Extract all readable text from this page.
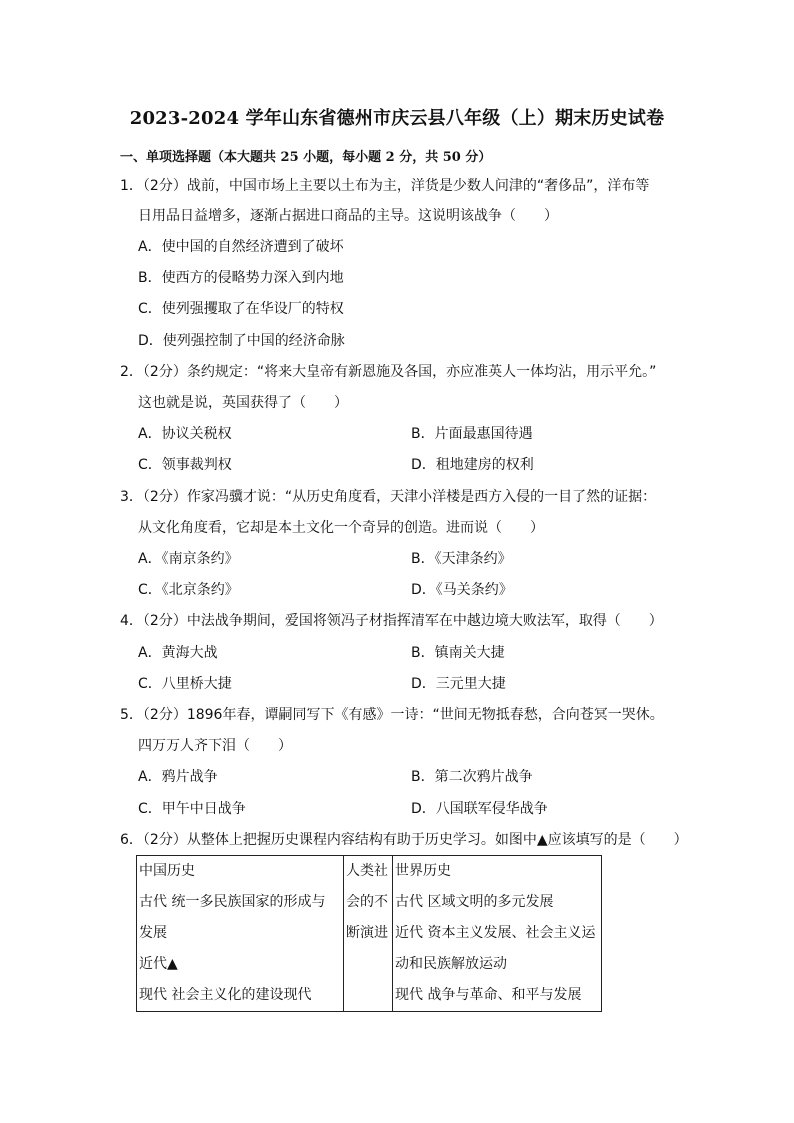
2023-2024 学年山东省德州市庆云县八年级（上）期末历史试卷
一、单项选择题（本大题共 25 小题，每小题 2 分，共 50 分）
1．（2分）战前，中国市场上主要以土布为主，洋货是少数人问津的“奢侈品”，洋布等
日用品日益增多，逐渐占据进口商品的主导。这说明该战争（　　）
A．使中国的自然经济遭到了破坏
B．使西方的侵略势力深入到内地
C．使列强攫取了在华设厂的特权
D．使列强控制了中国的经济命脉
2．（2分）条约规定：“将来大皇帝有新恩施及各国，亦应准英人一体均沾，用示平允。”
这也就是说，英国获得了（　　）
A．协议关税权	B．片面最惠国待遇
C．领事裁判权	D．租地建房的权利
3．（2分）作家冯骥才说：“从历史角度看，天津小洋楼是西方入侵的一目了然的证据：
从文化角度看，它却是本土文化一个奇异的创造。进而说（　　）
A．《南京条约》	B．《天津条约》
C．《北京条约》	D．《马关条约》
4．（2分）中法战争期间，爱国将领冯子材指挥清军在中越边境大败法军，取得（　　）
A．黄海大战	B．镇南关大捷
C．八里桥大捷	D．三元里大捷
5．（2分）1896年春，谭嗣同写下《有感》一诗：“世间无物抵春愁，合向苍冥一哭休。
四万万人齐下泪（　　）
A．鸦片战争	B．第二次鸦片战争
C．甲午中日战争	D．八国联军侵华战争
6．（2分）从整体上把握历史课程内容结构有助于历史学习。如图中▲应该填写的是（　　）
中国历史
古代 统一多民族国家的形成与
发展
近代▲
现代 社会主义化的建设现代

人类社
会的不
断演进

世界历史
古代 区域文明的多元发展
近代 资本主义发展、社会主义运
动和民族解放运动
现代 战争与革命、和平与发展
